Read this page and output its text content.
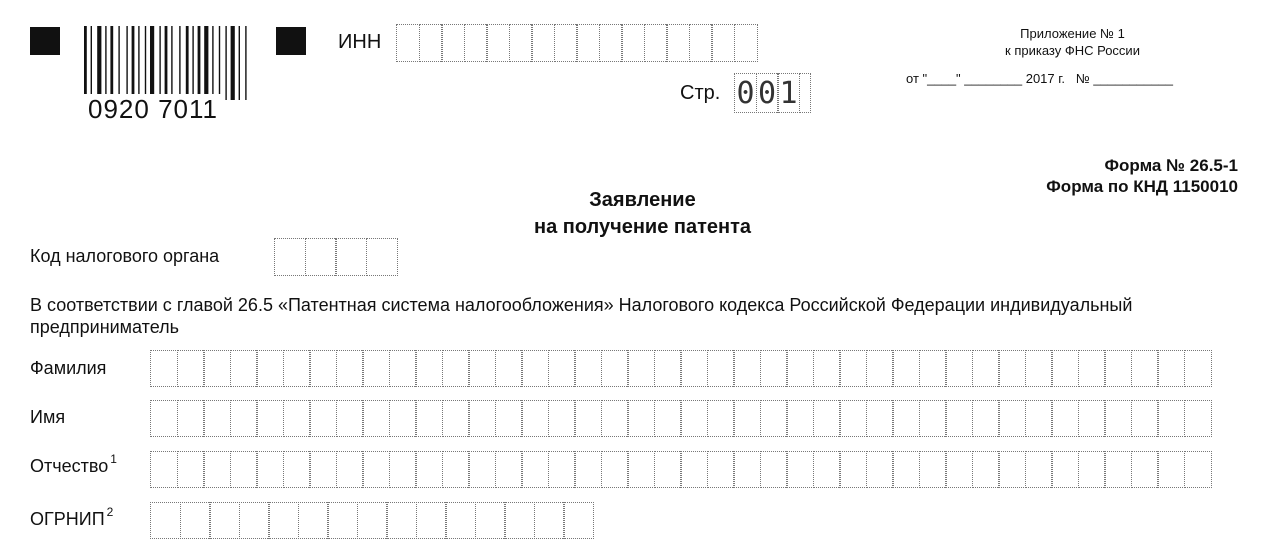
0920 7011
ИНН
Стр. 0 0 1
Приложение № 1
к приказу ФНС России
от "____" ________ 2017 г.   № ___________
Форма № 26.5-1
Форма по КНД 1150010
Заявление
на получение патента
Код налогового органа
В соответствии с главой 26.5 «Патентная система налогообложения» Налогового кодекса Российской Федерации индивидуальный предприниматель
Фамилия
Имя
Отчество $^1$
ОГРНИП $^2$
